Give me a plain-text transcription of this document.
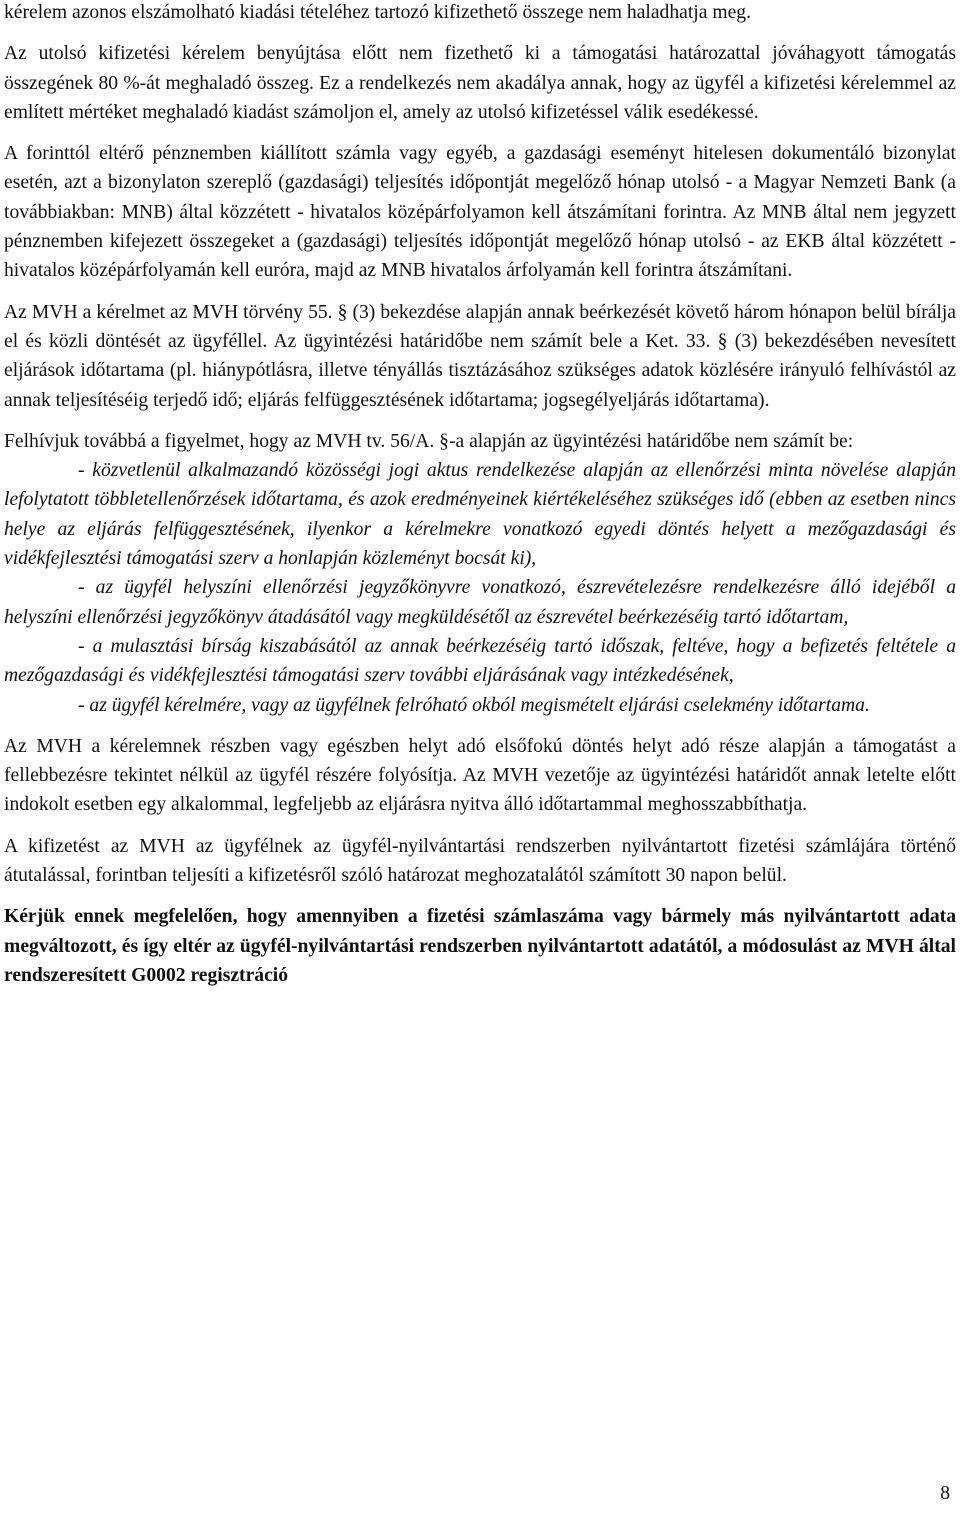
kérelem azonos elszámolható kiadási tételéhez tartozó kifizethető összege nem haladhatja meg.

Az utolsó kifizetési kérelem benyújtása előtt nem fizethető ki a támogatási határozattal jóváhagyott támogatás összegének 80 %-át meghaladó összeg. Ez a rendelkezés nem akadálya annak, hogy az ügyfél a kifizetési kérelemmel az említett mértéket meghaladó kiadást számoljon el, amely az utolsó kifizetéssel válik esedékessé.

A forinttól eltérő pénznemben kiállított számla vagy egyéb, a gazdasági eseményt hitelesen dokumentáló bizonylat esetén, azt a bizonylaton szereplő (gazdasági) teljesítés időpontját megelőző hónap utolsó - a Magyar Nemzeti Bank (a továbbiakban: MNB) által közzétett - hivatalos középárfolyamon kell átszámítani forintra. Az MNB által nem jegyzett pénznemben kifejezett összegeket a (gazdasági) teljesítés időpontját megelőző hónap utolsó - az EKB által közzétett - hivatalos középárfolyamán kell euróra, majd az MNB hivatalos árfolyamán kell forintra átszámítani.

Az MVH a kérelmet az MVH törvény 55. § (3) bekezdése alapján annak beérkezését követő három hónapon belül bírálja el és közli döntését az ügyféllel. Az ügyintézési határidőbe nem számít bele a Ket. 33. § (3) bekezdésében nevesített eljárások időtartama (pl. hiánypótlásra, illetve tényállás tisztázásához szükséges adatok közlésére irányuló felhívástól az annak teljesítéséig terjedő idő; eljárás felfüggesztésének időtartama; jogsegélyeljárás időtartama).

Felhívjuk továbbá a figyelmet, hogy az MVH tv. 56/A. §-a alapján az ügyintézési határidőbe nem számít be:

- közvetlenül alkalmazandó közösségi jogi aktus rendelkezése alapján az ellenőrzési minta növelése alapján lefolytatott többletellenőrzések időtartama, és azok eredményeinek kiértékeléséhez szükséges idő (ebben az esetben nincs helye az eljárás felfüggesztésének, ilyenkor a kérelmekre vonatkozó egyedi döntés helyett a mezőgazdasági és vidékfejlesztési támogatási szerv a honlapján közleményt bocsát ki),

- az ügyfél helyszíni ellenőrzési jegyzőkönyvre vonatkozó, észrevételezésre rendelkezésre álló idejéből a helyszíni ellenőrzési jegyzőkönyv átadásától vagy megküldésétől az észrevétel beérkezéséig tartó időtartam,

- a mulasztási bírság kiszabásától az annak beérkezéséig tartó időszak, feltéve, hogy a befizetés feltétele a mezőgazdasági és vidékfejlesztési támogatási szerv további eljárásának vagy intézkedésének,

- az ügyfél kérelmére, vagy az ügyfélnek felróható okból megismételt eljárási cselekmény időtartama.

Az MVH a kérelemnek részben vagy egészben helyt adó elsőfokú döntés helyt adó része alapján a támogatást a fellebbezésre tekintet nélkül az ügyfél részére folyósítja. Az MVH vezetője az ügyintézési határidőt annak letelte előtt indokolt esetben egy alkalommal, legfeljebb az eljárásra nyitva álló időtartammal meghosszabbíthatja.

A kifizetést az MVH az ügyfélnek az ügyfél-nyilvántartási rendszerben nyilvántartott fizetési számlájára történő átutalással, forintban teljesíti a kifizetésről szóló határozat meghozatalától számított 30 napon belül.

Kérjük ennek megfelelően, hogy amennyiben a fizetési számlaszáma vagy bármely más nyilvántartott adata megváltozott, és így eltér az ügyfél-nyilvántartási rendszerben nyilvántartott adatától, a módosulást az MVH által rendszeresített G0002 regisztráció

8
